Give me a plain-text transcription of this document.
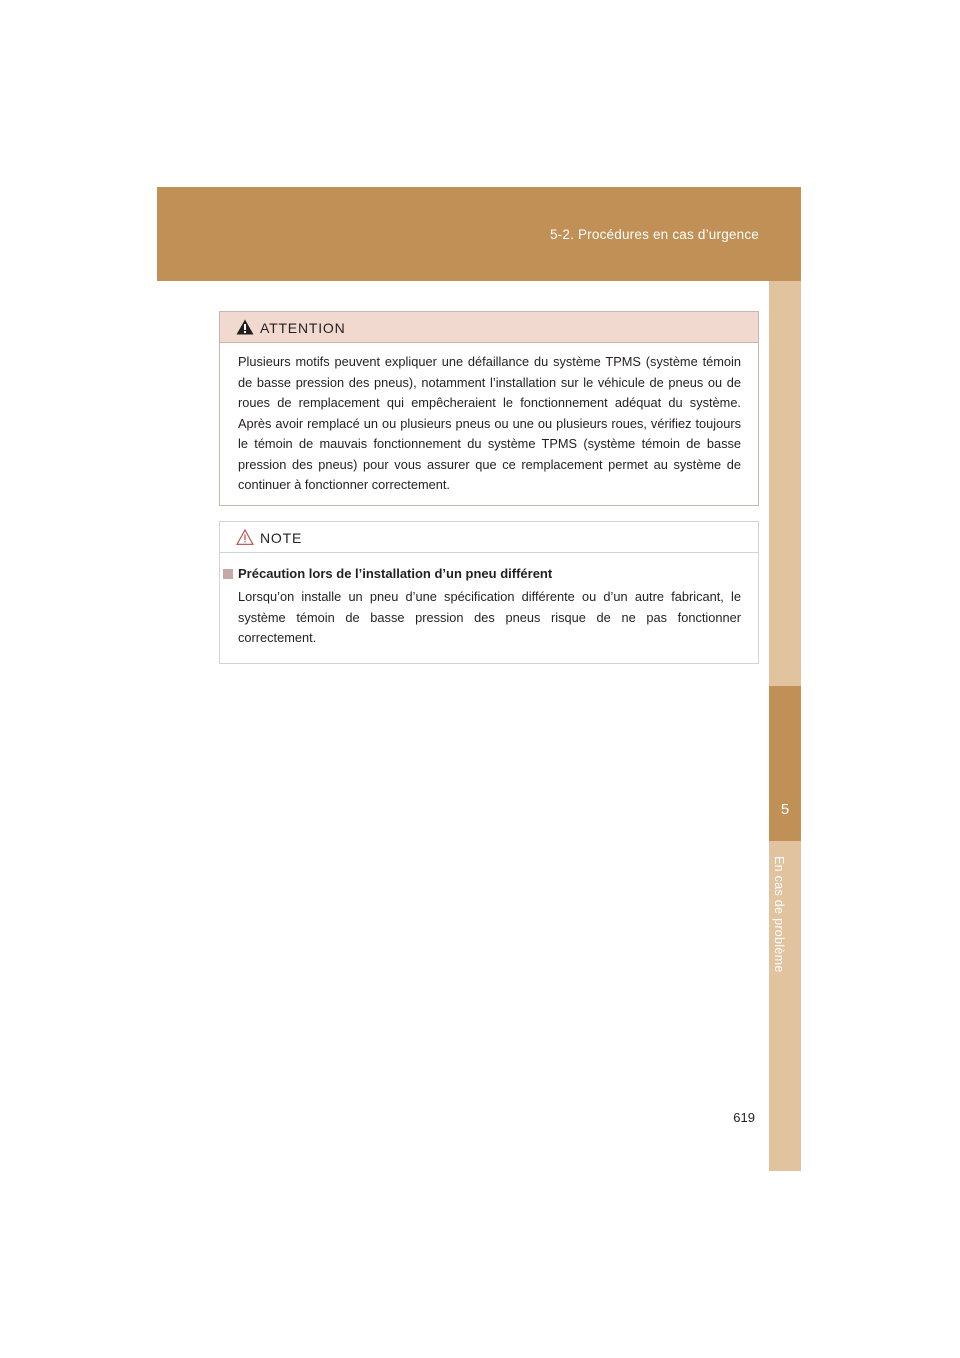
5-2. Procédures en cas d’urgence
5
En cas de problème
ATTENTION
Plusieurs motifs peuvent expliquer une défaillance du système TPMS (système témoin de basse pression des pneus), notamment l’installation sur le véhicule de pneus ou de roues de remplacement qui empêcheraient le fonctionnement adéquat du système. Après avoir remplacé un ou plusieurs pneus ou une ou plusieurs roues, vérifiez toujours le témoin de mauvais fonctionnement du système TPMS (système témoin de basse pression des pneus) pour vous assurer que ce remplacement permet au système de continuer à fonctionner correctement.
NOTE
Précaution lors de l’installation d’un pneu différent
Lorsqu’on installe un pneu d’une spécification différente ou d’un autre fabricant, le système témoin de basse pression des pneus risque de ne pas fonctionner correctement.
619
